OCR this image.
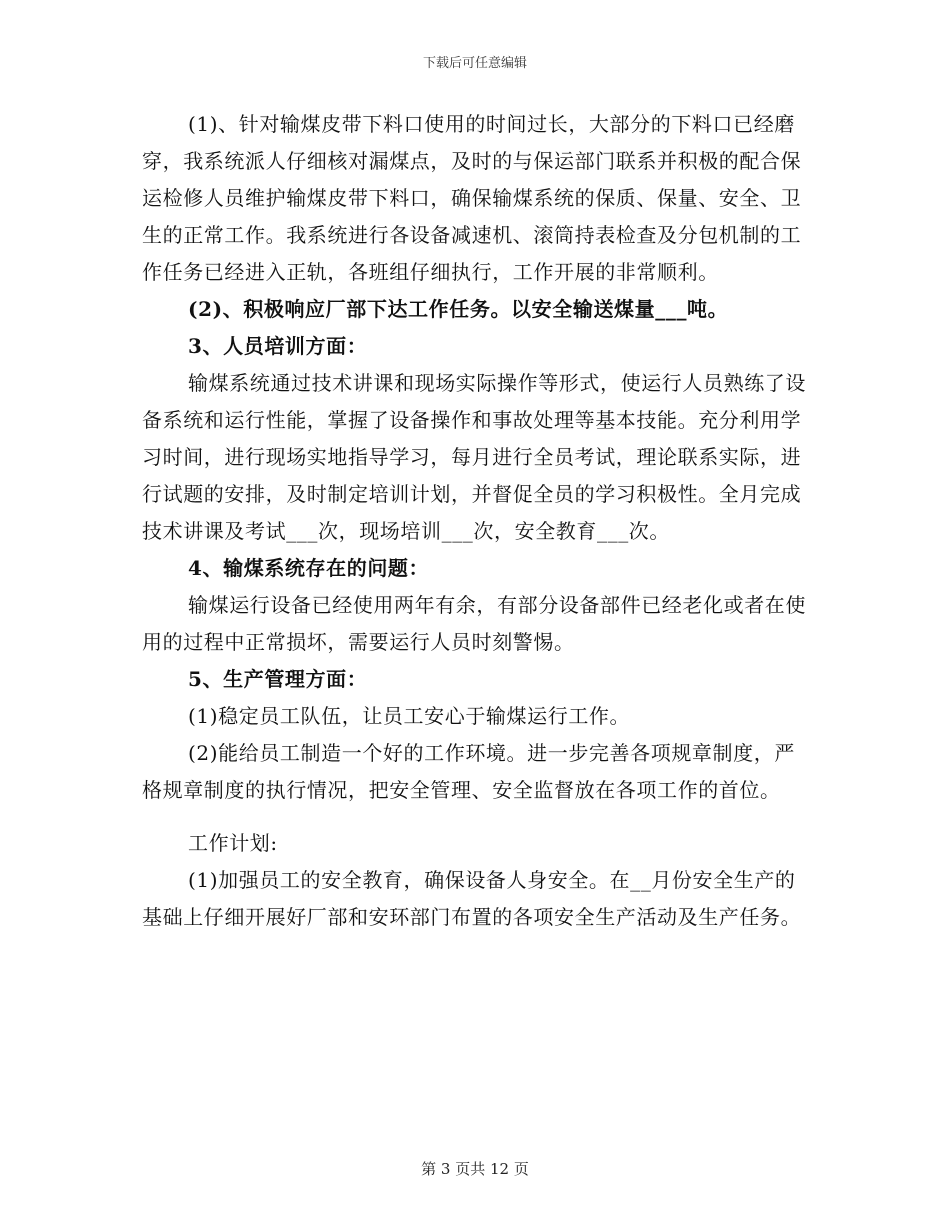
下载后可任意编辑

(1)、针对输煤皮带下料口使用的时间过长，大部分的下料口已经磨穿，我系统派人仔细核对漏煤点，及时的与保运部门联系并积极的配合保运检修人员维护输煤皮带下料口，确保输煤系统的保质、保量、安全、卫生的正常工作。我系统进行各设备减速机、滚筒持表检查及分包机制的工作任务已经进入正轨，各班组仔细执行，工作开展的非常顺利。

(2)、积极响应厂部下达工作任务。以安全输送煤量___吨。

3、人员培训方面：

输煤系统通过技术讲课和现场实际操作等形式，使运行人员熟练了设备系统和运行性能，掌握了设备操作和事故处理等基本技能。充分利用学习时间，进行现场实地指导学习，每月进行全员考试，理论联系实际，进行试题的安排，及时制定培训计划，并督促全员的学习积极性。全月完成技术讲课及考试___次，现场培训___次，安全教育___次。

4、输煤系统存在的问题：

输煤运行设备已经使用两年有余，有部分设备部件已经老化或者在使用的过程中正常损坏，需要运行人员时刻警惕。

5、生产管理方面：

(1)稳定员工队伍，让员工安心于输煤运行工作。

(2)能给员工制造一个好的工作环境。进一步完善各项规章制度，严格规章制度的执行情况，把安全管理、安全监督放在各项工作的首位。

工作计划:

(1)加强员工的安全教育，确保设备人身安全。在__月份安全生产的基础上仔细开展好厂部和安环部门布置的各项安全生产活动及生产任务。

第 3 页共 12 页
